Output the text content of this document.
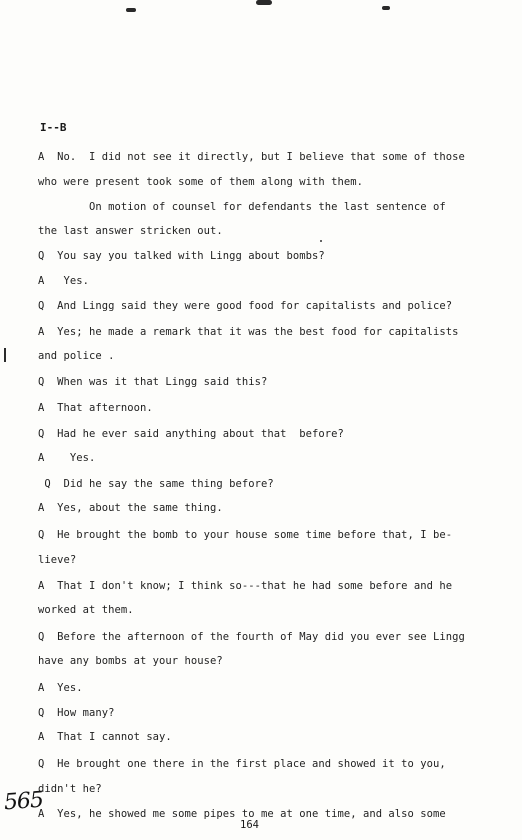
I--B
A  No.  I did not see it directly, but I believe that some of those
who were present took some of them along with them.
On motion of counsel for defendants the last sentence of
the last answer stricken out.
Q  You say you talked with Lingg about bombs?
A   Yes.
Q  And Lingg said they were good food for capitalists and police?
A  Yes; he made a remark that it was the best food for capitalists
and police .
Q  When was it that Lingg said this?
A  That afternoon.
Q  Had he ever said anything about that  before?
A    Yes.
Q  Did he say the same thing before?
A  Yes, about the same thing.
Q  He brought the bomb to your house some time before that, I be-
lieve?
A  That I don't know; I think so---that he had some before and he
worked at them.
Q  Before the afternoon of the fourth of May did you ever see Lingg
have any bombs at your house?
A  Yes.
Q  How many?
A  That I cannot say.
Q  He brought one there in the first place and showed it to you,
didn't he?
A  Yes, he showed me some pipes to me at one time, and also some
565
164
